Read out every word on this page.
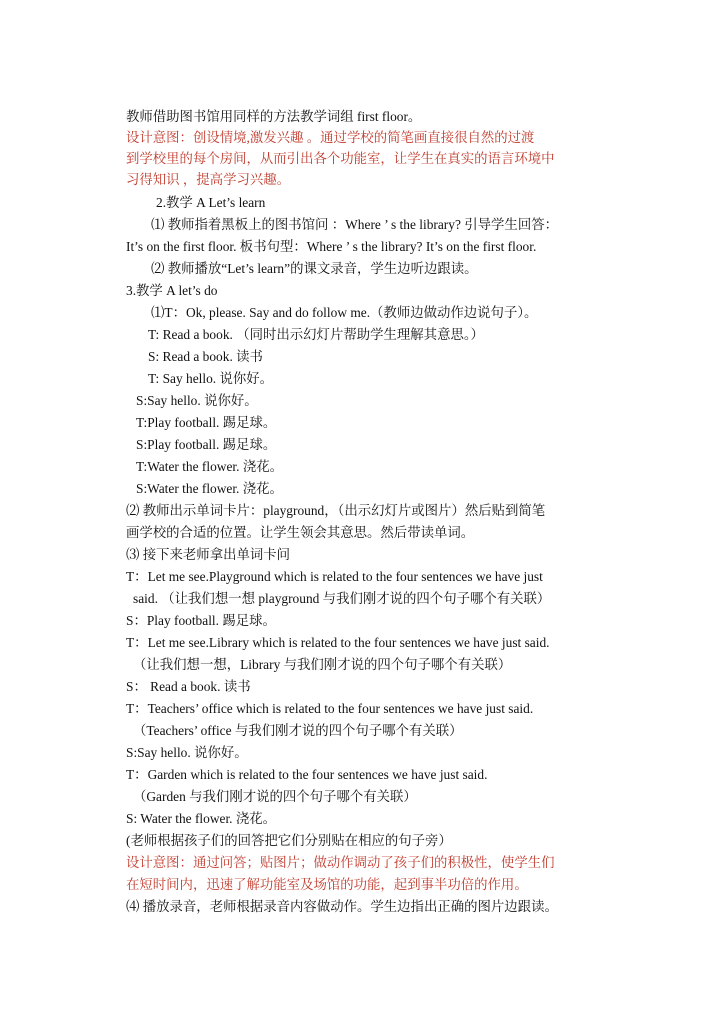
教师借助图书馆用同样的方法教学词组 first floor。
设计意图：创设情境,激发兴趣 。通过学校的简笔画直接很自然的过渡
到学校里的每个房间，从而引出各个功能室，让学生在真实的语言环境中
习得知识 ，提高学习兴趣。
2.教学 A Let’s learn
⑴ 教师指着黑板上的图书馆问 ：Where ’ s the library? 引导学生回答：
It’s on the first floor. 板书句型：Where ’ s the library? It’s on the first floor.
⑵ 教师播放“Let’s learn”的课文录音，学生边听边跟读。
3.教学 A let’s do
⑴T：Ok, please. Say and do follow me.（教师边做动作边说句子）。
T: Read a book. （同时出示幻灯片帮助学生理解其意思。）
S: Read a book. 读书
T: Say hello. 说你好。
S:Say hello. 说你好。
T:Play football. 踢足球。
S:Play football. 踢足球。
T:Water the flower. 浇花。
S:Water the flower. 浇花。
⑵ 教师出示单词卡片：playground，（出示幻灯片或图片）然后贴到简笔
画学校的合适的位置。让学生领会其意思。然后带读单词。
⑶ 接下来老师拿出单词卡问
T：Let me see.Playground which is related to the four sentences we have just
said. （让我们想一想 playground 与我们刚才说的四个句子哪个有关联）
S：Play football. 踢足球。
T：Let me see.Library which is related to the four sentences we have just said.
（让我们想一想，Library 与我们刚才说的四个句子哪个有关联）
S： Read a book. 读书
T：Teachers’ office which is related to the four sentences we have just said.
（Teachers’ office 与我们刚才说的四个句子哪个有关联）
S:Say hello. 说你好。
T：Garden which is related to the four sentences we have just said.
（Garden 与我们刚才说的四个句子哪个有关联）
S: Water the flower. 浇花。
(老师根据孩子们的回答把它们分别贴在相应的句子旁）
设计意图：通过问答；贴图片；做动作调动了孩子们的积极性，使学生们
在短时间内，迅速了解功能室及场馆的功能，起到事半功倍的作用。
⑷ 播放录音，老师根据录音内容做动作。学生边指出正确的图片边跟读。
